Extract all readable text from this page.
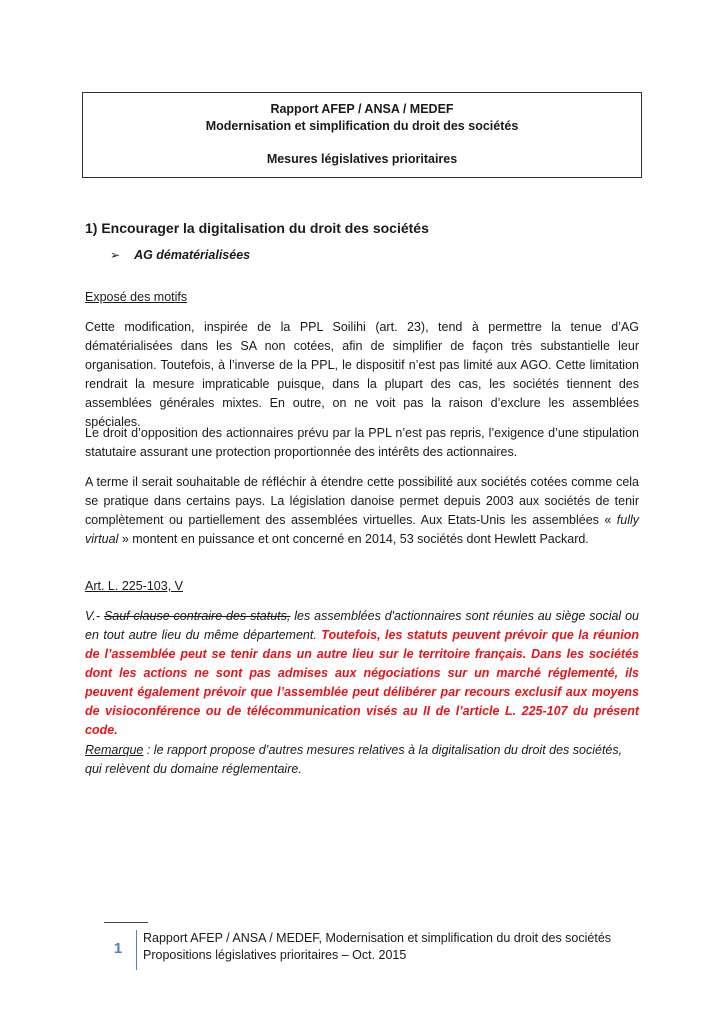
Rapport AFEP / ANSA / MEDEF
Modernisation et simplification du droit des sociétés
Mesures législatives prioritaires
1) Encourager la digitalisation du droit des sociétés
➢ AG dématérialisées
Exposé des motifs

Cette modification, inspirée de la PPL Soilihi (art. 23), tend à permettre la tenue d’AG dématérialisées dans les SA non cotées, afin de simplifier de façon très substantielle leur organisation. Toutefois, à l’inverse de la PPL, le dispositif n’est pas limité aux AGO. Cette limitation rendrait la mesure impraticable puisque, dans la plupart des cas, les sociétés tiennent des assemblées générales mixtes. En outre, on ne voit pas la raison d’exclure les assemblées spéciales.

Le droit d’opposition des actionnaires prévu par la PPL n’est pas repris, l’exigence d’une stipulation statutaire assurant une protection proportionnée des intérêts des actionnaires.

A terme il serait souhaitable de réfléchir à étendre cette possibilité aux sociétés cotées comme cela se pratique dans certains pays. La législation danoise permet depuis 2003 aux sociétés de tenir complètement ou partiellement des assemblées virtuelles. Aux Etats-Unis les assemblées « fully virtual » montent en puissance et ont concerné en 2014, 53 sociétés dont Hewlett Packard.

Art. L. 225-103, V

V.- Sauf clause contraire des statuts, les assemblées d'actionnaires sont réunies au siège social ou en tout autre lieu du même département. Toutefois, les statuts peuvent prévoir que la réunion de l’assemblée peut se tenir dans un autre lieu sur le territoire français. Dans les sociétés dont les actions ne sont pas admises aux négociations sur un marché réglementé, ils peuvent également prévoir que l’assemblée peut délibérer par recours exclusif aux moyens de visioconférence ou de télécommunication visés au II de l’article L. 225-107 du présent code.

Remarque : le rapport propose d’autres mesures relatives à la digitalisation du droit des sociétés, qui relèvent du domaine réglementaire.

1
Rapport AFEP / ANSA / MEDEF, Modernisation et simplification du droit des sociétés
Propositions législatives prioritaires – Oct. 2015
